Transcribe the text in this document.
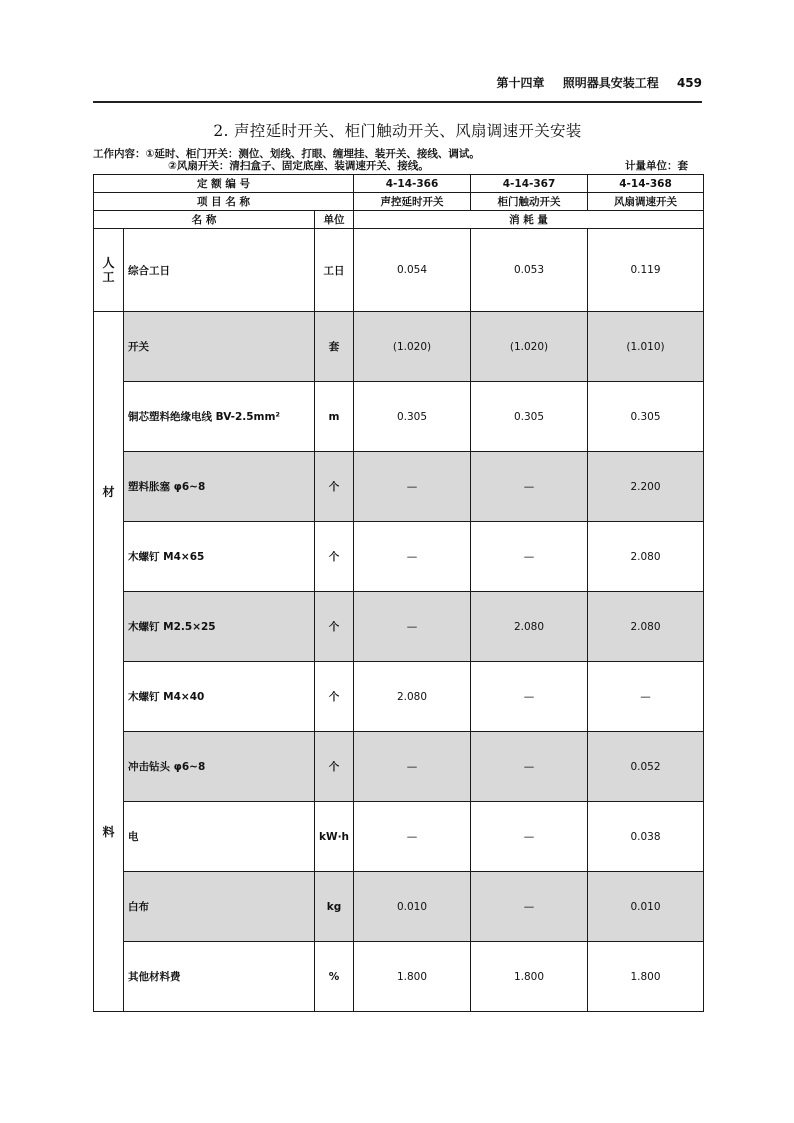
第十四章 照明器具安装工程 459
2. 声控延时开关、柜门触动开关、风扇调速开关安装
工作内容：①延时、柜门开关：测位、划线、打眼、缠埋挂、装开关、接线、调试。
②风扇开关：清扫盒子、固定底座、装调速开关、接线。	计量单位：套
定 额 编 号			4-14-366	4-14-367	4-14-368
项 目 名 称			声控延时开关	柜门触动开关	风扇调速开关
名 称		单位	消 耗 量		
人工	综合工日	工日	0.054	0.053	0.119

材
料	开关	套	(1.020)	(1.020)	(1.010)
	铜芯塑料绝缘电线 BV-2.5mm²	m	0.305	0.305	0.305
	塑料胀塞 φ6~8	个	—	—	2.200
	木螺钉 M4×65	个	—	—	2.080
	木螺钉 M2.5×25	个	—	2.080	2.080
	木螺钉 M4×40	个	2.080	—	—
	冲击钻头 φ6~8	个	—	—	0.052
	电	kW·h	—	—	0.038
	白布	kg	0.010	—	0.010
	其他材料费	%	1.800	1.800	1.800
